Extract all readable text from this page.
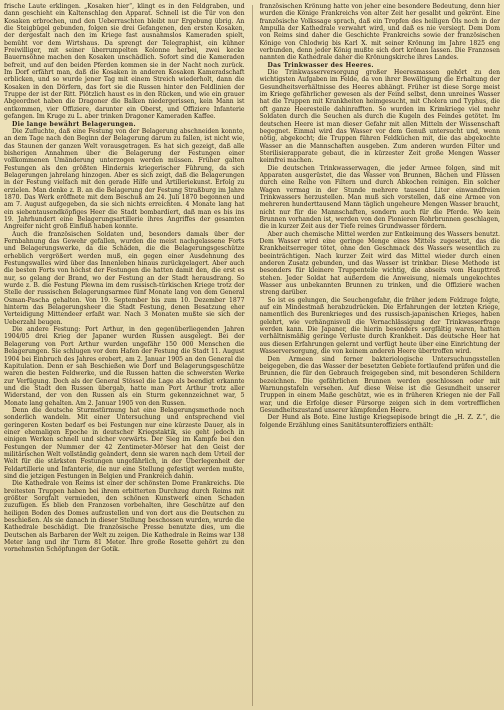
frische Laute erklingen. „Kosaken hier“, klingt es in den Feldgraben, und dann geschieht ein Kaltenschlag den Apparat. Schnell ist die Tür von den Kosaken erbrochen, und den Ueberraschten bleibt nur Ergebung übrig. An die Steigbügel gebunden, folgen sie drei Gefangenen, den ersten Kosaken, der dergestalt nach den im Kriege fast ausnahmslos Kameraden spielt, bemüht vor dem Wirtshaus. Da sprengt der Telegraphist, ein kühner Freiwilliger, mit seiner überrumpelten Kolonne herbei, zwei kecke Bauernsöhne machen den Kosaken unschädlich. Sofort sind die Kameraden befreit, und auf den beiden Pferden kommen sie in der Nacht noch zurück. Im Dorf erfährt man, daß die Kosaken in anderen Kosaken Kameradschaft erblicken, und so wurde jener Tag mit einem Streich wiederholt, dann die Kosaken in den Dörfern, das fort sie die Russen hinter den Feldlinien der Truppe der ist der Ritt. Plötzlich haust es in den Rücken, und wie ein grauer Abgeordnet haben die Dragoner die Balken niedergerissen, kein Mann ist entkommen, vier Offiziere, darunter ein Oberst, und Offiziere Infanterie gefangen. Im Kruge zu L. aber trinken Dragoner Kameraden Kaffee.

Die lange bewährt Belagerungen.

Die Zufluchte, daß eine Festung von der Belagerung abschneiden konnte, an dem Tage nach den Beginn der Belagerung darum zu fallen, ist nicht wie, das Staunen der ganzen Welt vorausgetragen. Es hat sich gezeigt, daß alle bisherigen Annahmen über die Belagerung der Festungen einer vollkommenen Umänderung unterzogen werden müssen. Früher galten Festungen als den größten Hindernis kriegerischer Führung, da sich Belagerungen jahrelang hinzogen. Aber es sich zeigt, daß die Belagerungen in der Festung vielfach mit den gerade Hilfe und Artilleriekunst. Erfolg zu erzielen. Man denke z. B. an die Belagerung der Festung Straßburg im Jahre 1870. Das Werk eröffnete mit dem Beschuß am 24. Juli 1870 begonnen und am 7. August aufgegeben, da sie sich nichts erreichten. 4 Monate lang hat ein siebentausendköpfiges Heer die Stadt bombardiert, daß man es bis ins 19. Jahrhundert eine Belagerungsartillerie ihres Angriffes der gesamten Angreifer nicht groß Einfluß haben konnte.

Auch die französischen Soldaten und, besonders damals über der Fernbahnung das Gewehr gefallen, wurden die meist nachgelassene Forts und Belagerungswerke, da die Schäden, die die Belagerungsgeschütze erheblich vergrößert werden muß, ein gegen einer Ausdehnung des Festungswalles wird über das Innenleben hinaus zurückgelagert. Aber auch die besten Forts von höchst der Festungen die hatten damit den, die erst es nur, so gelang der Brand, wo der Festung an der Stadt herausdrang. So wurde z. B. die Festung Plewna im dem russisch-türkischen Kriege trotz der Stelle der russischen Belagerungsarmee fünf Monate lang von dem General Osman-Pascha gehalten. Von 19. September bis zum 10. Dezember 1877 hinterm das Belagerungsheer die Stadt Festung, denen Besatzung eher Verteidigung Mittendeer erfaßt war. Nach 3 Monaten mußte sie sich der Ueberzahl beugen.

Die andere Festung: Port Arthur, in den gegenüberliegenden Jahren 1904/05 drei Krieg der Japaner wurden Russen ausgelegt. Bei der Belagerung von Port Arthur wurden ungefähr 150 000 Menschen die Belagerungen. Sie schlugen vor dem Hafen der Festung die Stadt 11. August 1904 bei Einbruch des Jahres erobert, am 2. Januar 1905 an den General die Kapitulation. Denn er sah Beschießen wie Dorf und Belagerungsgeschütze waren die besten Feldwerke, und die Russen hatten die schwersten Werke zur Verfügung. Doch als der General Stössel die Lage als beendigt erkannte und die Stadt den Russen übergab, hatte man Port Arthur trotz aller Widerstand, der von den Russen als ein Sturm gekennzeichnet war, 5 Monate lang gehalten. Am 2. Januar 1905 von den Russen.

Denn die deutsche Sturmstürmung hat eine Belagerungsmethode noch sonderlich wandeln. Mit einer Untersuchung und entsprechend viel geringeren Kosten bedarf es bei Festungen nur eine kürzeste Dauer, als in einer ehemaligen Epoche in deutscher Kriegstaktik, sie geht jedoch in einigen Werken schnell und sicher vorwärts. Der Sieg im Kampfe bei den Festungen der Nummer der 42 Zentimeter-Mörser hat den Geist der militärischen Welt vollständig geändert, denn sie waren nach dem Urteil der Welt für die stärksten Festungen ungefährlich, in der Überlegenheit der Feldartillerie und Infanterie, die nur eine Stellung gefestigt werden mußte, sind die jetzigen Festungen in Belgien und Frankreich dahin.

Die Kathedrale von Reims ist einer der schönsten Dome Frankreichs. Die breitesten Truppen haben bei ihrem erbitterten Durchzug durch Reims mit größter Sorgfalt vermieden, den schönen Kunstwerk einen Schaden zuzufügen. Es blieb den Franzosen vorbehalten, ihre Geschütze auf den heiligen Boden des Domes aufzustellen und von dort aus die Deutschen zu beschießen. Als sie danach in dieser Stellung beschossen wurden, wurde die Kathedrale beschädigt. Die französische Presse benutzte dies, um die Deutschen als Barbaren der Welt zu zeigen. Die Kathedrale in Reims war 138 Meter lang und ihr Turm 81 Meter. Ihre große Rosette gehört zu den vornehmsten Schöpfungen der Gotik.

französischen Krönung hatte von jeher eine besondere Bedeutung, denn hier wurden die Könige Frankreichs von alter Zeit her gesalbt und gekrönt. Eine französische Volkssage sprach, daß ein Tropfen des heiligen Öls noch in der Ampulla der Kathedrale verwahrt wird, und daß es nie versiegt. Dem Dom von Reims sind daher die Geschichte Frankreichs sowie der französischen Könige von Chlodwig bis Karl X. mit seiner Krönung im Jahre 1825 eng verbunden, denn jeder König mußte sich dort krönen lassen. Die Franzosen nannten die Kathedrale daher die Krönungskirche ihres Landes.

Das Trinkwasser des Heeres.

Die Trinkwasserversorgung großer Heeresmassen gehört zu den wichtigsten Aufgaben im Felde, da von ihrer Bewältigung die Erhaltung der Gesundheitsverhältnisse des Heeres abhängt. Früher ist diese Sorge meist im Kriege gefährlicher gewesen als der Feind selbst, denn unreines Wasser hat die Truppen mit Krankheiten heimgesucht, mit Cholera und Typhus, die oft ganze Heeresteile dahinrafften. So wurden im Krimkriege viel mehr Soldaten durch die Seuchen als durch die Kugeln des Feindes getötet. Im deutschen Heere ist man dieser Gefahr mit allen Mitteln der Wissenschaft begegnet. Einmal wird das Wasser vor dem Genuß untersucht und, wenn nötig, abgekocht; die Truppen führen Feldküchen mit, die das abgekochte Wasser an die Mannschaften ausgeben. Zum anderen wurden Filter und Sterilisierapparate gebaut, die in kürzester Zeit große Mengen Wasser keimfrei machen.

Die deutschen Trinkwasserwagen, die jeder Armee folgen, sind mit Apparaten ausgerüstet, die das Wasser von Brunnen, Bächen und Flüssen durch eine Reihe von Filtern und durch Abkochen reinigen. Ein solcher Wagen vermag in der Stunde mehrere tausend Liter einwandfreien Trinkwassers herzustellen. Man muß sich vorstellen, daß eine Armee von mehreren hunderttausend Mann täglich ungeheure Mengen Wasser braucht, nicht nur für die Mannschaften, sondern auch für die Pferde. Wo kein Brunnen vorhanden ist, werden von den Pionieren Rohrbrunnen geschlagen, die in kurzer Zeit aus der Tiefe reines Grundwasser fördern.

Aber auch chemische Mittel werden zur Entkeimung des Wassers benutzt. Dem Wasser wird eine geringe Menge eines Mittels zugesetzt, das die Krankheitserreger tötet, ohne den Geschmack des Wassers wesentlich zu beeinträchtigen. Nach kurzer Zeit wird das Mittel wieder durch einen anderen Zusatz gebunden, und das Wasser ist trinkbar. Diese Methode ist besonders für kleinere Truppenteile wichtig, die abseits vom Haupttroß stehen. Jeder Soldat hat außerdem die Anweisung, niemals ungekochtes Wasser aus unbekannten Brunnen zu trinken, und die Offiziere wachen streng darüber.

So ist es gelungen, die Seuchengefahr, die früher jedem Feldzuge folgte, auf ein Mindestmaß herabzudrücken. Die Erfahrungen der letzten Kriege, namentlich des Burenkrieges und des russisch-japanischen Krieges, haben gelehrt, wie verhängnisvoll die Vernachlässigung der Trinkwasserfrage werden kann. Die Japaner, die hierin besonders sorgfältig waren, hatten verhältnismäßig geringe Verluste durch Krankheit. Das deutsche Heer hat aus diesen Erfahrungen gelernt und verfügt heute über eine Einrichtung der Wasserversorgung, die von keinem anderen Heere übertroffen wird.

Den Armeen sind ferner bakteriologische Untersuchungsstellen beigegeben, die das Wasser der besetzten Gebiete fortlaufend prüfen und die Brunnen, die für den Gebrauch freigegeben sind, mit besonderen Schildern bezeichnen. Die gefährlichen Brunnen werden geschlossen oder mit Warnungstafeln versehen. Auf diese Weise ist die Gesundheit unserer Truppen in einem Maße geschützt, wie es in früheren Kriegen nie der Fall war, und die Erfolge dieser Fürsorge zeigen sich in dem vortrefflichen Gesundheitszustand unserer kämpfenden Heere.

Der Hund als Bote. Eine lustige Kriegsepisode bringt die „H. Z. Z.“, die folgende Erzählung eines Sanitätsunteroffiziers enthält:
